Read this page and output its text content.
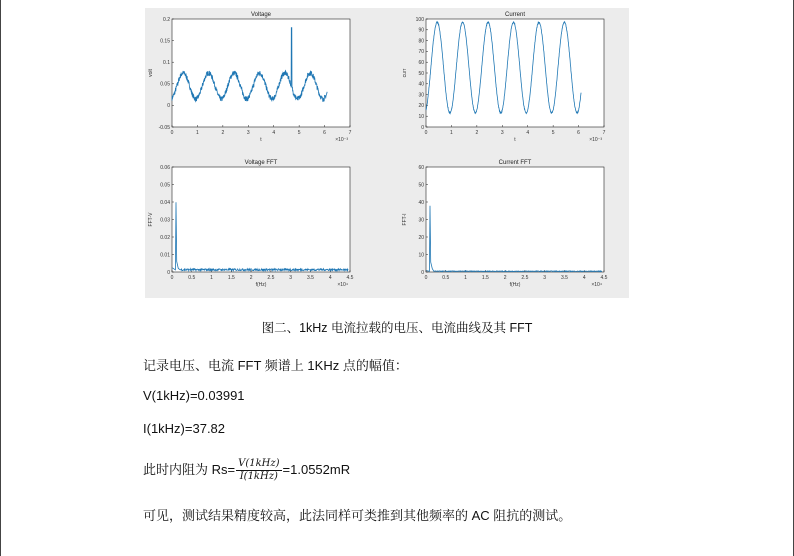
Voltage
0	1	2	3	4	5	6	7
-0.05
0
0.05
0.1
0.15
0.2
t
volt
×10⁻³
Current
0	1	2	3	4	5	6	7
0
10
20
30
40
50
60
70
80
90
100
t
curr
×10⁻³
Voltage FFT
0	0.5	1	1.5	2	2.5	3	3.5	4	4.5
0
0.01
0.02
0.03
0.04
0.05
0.06
f(Hz)
FFT-V
×10⁴
Current FFT
0	0.5	1	1.5	2	2.5	3	3.5	4	4.5
0
10
20
30
40
50
60
f(Hz)
FFT-I
×10⁴
图二、1kHz 电流拉载的电压、电流曲线及其 FFT
记录电压、电流 FFT 频谱上 1KHz 点的幅值：
V(1kHz)=0.03991
I(1kHz)=37.82
此时内阻为 $Rs= \frac{\text{V(1kHz)}}{\text{I(1kHz)}} =1.0552mR$
可见，测试结果精度较高，此法同样可类推到其他频率的 AC 阻抗的测试。
